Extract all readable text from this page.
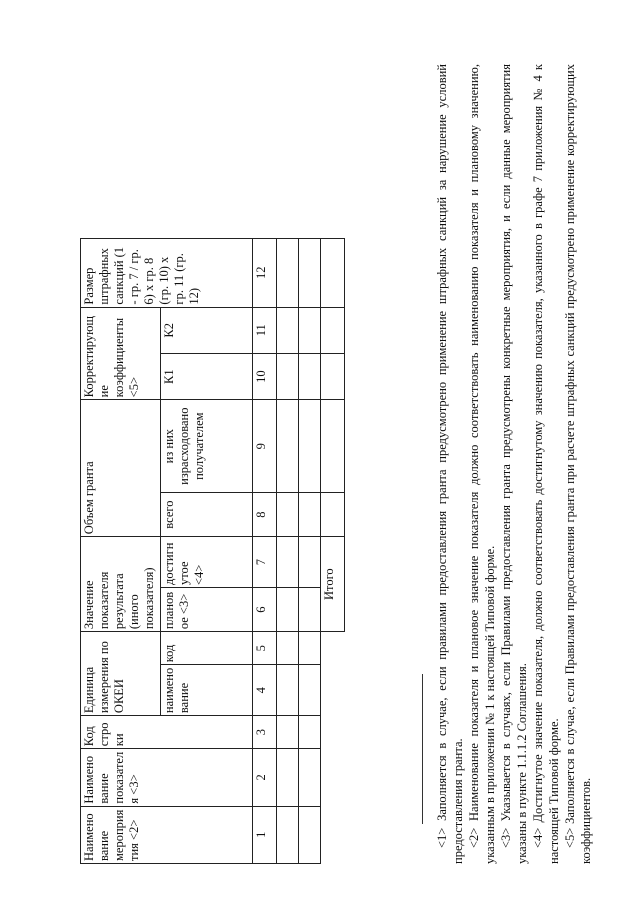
Наименование мероприятия <2>	Наименование показателя <3>	Код строки	Единица измерения по ОКЕИ		Значение показателя результата (иного показателя)		Объем гранта		Корректирующие коэффициенты <5>		Размер штрафных санкций (1 - гр. 7 / гр. 6) x гр. 8 (гр. 10) x гр. 11 (гр. 12)
			наименование	код	плановое <3>	достигнутое <4>	всего	из них израсходовано получателем	К1	К2	
1	2	3	4	5	6	7	8	9	10	11	12

					Итого							<1> Заполняется в случае, если правилами предоставления гранта предусмотрено применение штрафных санкций за нарушение условий предоставления гранта. <2> Наименование показателя и плановое значение показателя должно соответствовать наименованию показателя и плановому значению, указанным в приложении № 1 к настоящей Типовой форме. <3> Указывается в случаях, если Правилами предоставления гранта предусмотрены конкретные мероприятия, и если данные мероприятия указаны в пункте 1.1.1.2 Соглашения. <4> Достигнутое значение показателя, должно соответствовать достигнутому значению показателя, указанного в графе 7 приложения № 4 к настоящей Типовой форме. <5> Заполняется в случае, если Правилами предоставления гранта при расчете штрафных санкций предусмотрено применение корректирующих коэффициентов.
